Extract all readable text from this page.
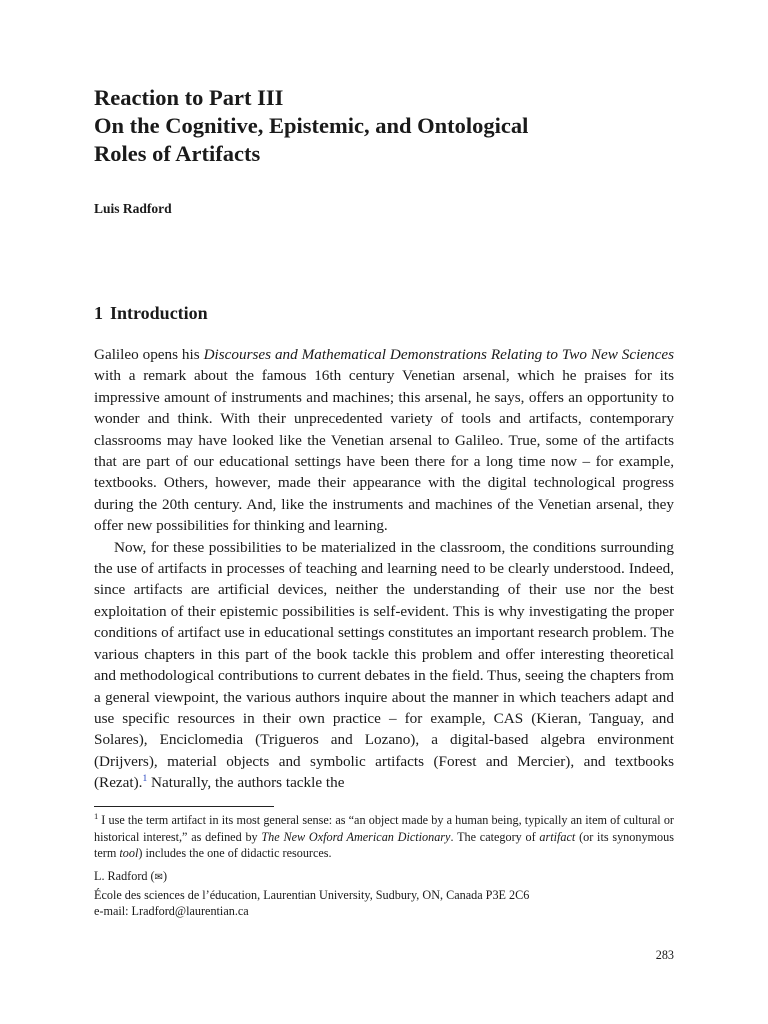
Reaction to Part III
On the Cognitive, Epistemic, and Ontological
Roles of Artifacts
Luis Radford
1 Introduction

Galileo opens his Discourses and Mathematical Demonstrations Relating to Two New Sciences with a remark about the famous 16th century Venetian arsenal, which he praises for its impressive amount of instruments and machines; this arsenal, he says, offers an opportunity to wonder and think. With their unprecedented variety of tools and artifacts, contemporary classrooms may have looked like the Venetian arsenal to Galileo. True, some of the artifacts that are part of our educational settings have been there for a long time now – for example, textbooks. Others, however, made their appearance with the digital technological progress during the 20th century. And, like the instruments and machines of the Venetian arsenal, they offer new possibilities for thinking and learning.

Now, for these possibilities to be materialized in the classroom, the conditions surrounding the use of artifacts in processes of teaching and learning need to be clearly understood. Indeed, since artifacts are artificial devices, neither the understanding of their use nor the best exploitation of their epistemic possibilities is self-evident. This is why investigating the proper conditions of artifact use in educational settings constitutes an important research problem. The various chapters in this part of the book tackle this problem and offer interesting theoretical and methodological contributions to current debates in the field. Thus, seeing the chapters from a general viewpoint, the various authors inquire about the manner in which teachers adapt and use specific resources in their own practice – for example, CAS (Kieran, Tanguay, and Solares), Enciclomedia (Trigueros and Lozano), a digital-based algebra environment (Drijvers), material objects and symbolic artifacts (Forest and Mercier), and textbooks (Rezat).$^1$ Naturally, the authors tackle the

$^1$ I use the term artifact in its most general sense: as “an object made by a human being, typically an item of cultural or historical interest,” as defined by The New Oxford American Dictionary. The category of artifact (or its synonymous term tool) includes the one of didactic resources.
L. Radford (✉)
École des sciences de l’éducation, Laurentian University, Sudbury, ON, Canada P3E 2C6
e-mail: Lradford@laurentian.ca
283
